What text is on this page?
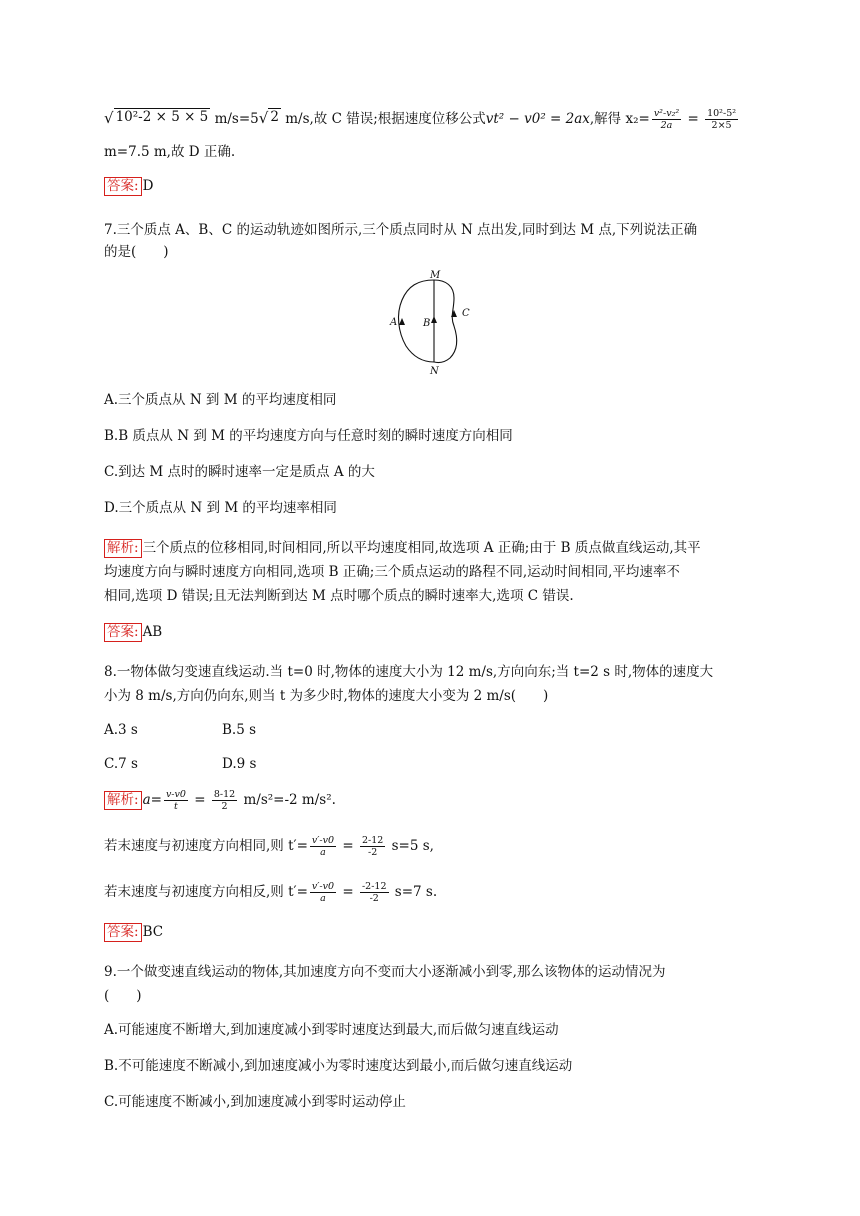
√ 10²-2 × 5 × 5 m/s=5 √ 2 m/s,故 C 错误;根据速度位移公式vt² − v0² = 2ax,解得 $x_2= \frac{\text{v²-v₂²}}{2a} = \frac{\text{10²-5²}}{2\times 5}$
m=7.5 m,故 D 正确.
答案: D
7.三个质点 A、B、C 的运动轨迹如图所示,三个质点同时从 N 点出发,同时到达 M 点,下列说法正确
的是(　　)
M
N
A	B
C
A.三个质点从 N 到 M 的平均速度相同
B.B 质点从 N 到 M 的平均速度方向与任意时刻的瞬时速度方向相同
C.到达 M 点时的瞬时速率一定是质点 A 的大
D.三个质点从 N 到 M 的平均速率相同
解析: 三个质点的位移相同,时间相同,所以平均速度相同,故选项 A 正确;由于 B 质点做直线运动,其平
均速度方向与瞬时速度方向相同,选项 B 正确;三个质点运动的路程不同,运动时间相同,平均速率不
相同,选项 D 错误;且无法判断到达 M 点时哪个质点的瞬时速率大,选项 C 错误.
答案: AB
8.一物体做匀变速直线运动.当 t=0 时,物体的速度大小为 12 m/s,方向向东;当 t=2 s 时,物体的速度大
小为 8 m/s,方向仍向东,则当 t 为多少时,物体的速度大小变为 2 m/s(　　)
A.3 s	B.5 s
C.7 s	D.9 s
解析: $a= \frac{v-v0}{t} = \frac{8-12}{2} m/s^2=-2$ m/s².
若末速度与初速度方向相同,则 $t'= \frac{v'-v0}{a} = \frac{2-12}{-2} s=5$ s,
若末速度与初速度方向相反,则 $t'= \frac{v'-v0}{a} = \frac{-2-12}{-2} s=7$ s.
答案: BC
9.一个做变速直线运动的物体,其加速度方向不变而大小逐渐减小到零,那么该物体的运动情况为
(　　)
A.可能速度不断增大,到加速度减小到零时速度达到最大,而后做匀速直线运动
B.不可能速度不断减小,到加速度减小为零时速度达到最小,而后做匀速直线运动
C.可能速度不断减小,到加速度减小到零时运动停止
